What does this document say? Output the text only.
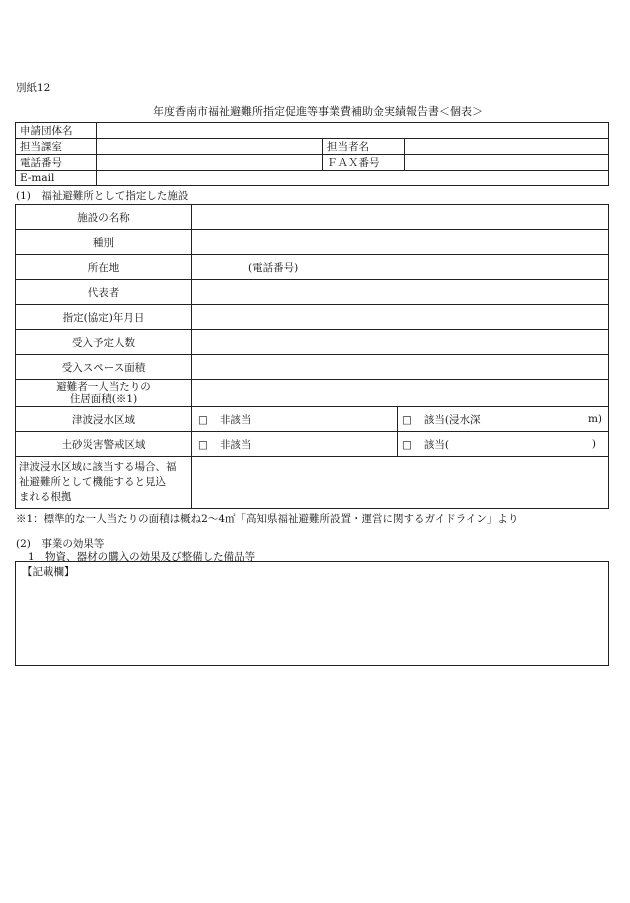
別紙12
年度香南市福祉避難所指定促進等事業費補助金実績報告書＜個表＞
申請団体名			
担当課室		担当者名	
電話番号		ＦＡＸ番号	
E-mail			
(1)　福祉避難所として指定した施設
施設の名称		
種別		
所在地	(電話番号)	
代表者		
指定(協定)年月日		
受入予定人数		
受入スペース面積		

避難者一人当たりの
住居面積(※1)		

津波浸水区域	□ 非該当	□ 該当(浸水深 m)

土砂災害警戒区域	□ 非該当	□ 該当( )

津波浸水区域に該当する場合、福
祉避難所として機能すると見込
まれる根拠		

※1：標準的な一人当たりの面積は概ね2～4㎡「高知県福祉避難所設置・運営に関するガイドライン」より
(2)　事業の効果等
1　物資、器材の購入の効果及び整備した備品等
【記載欄】
